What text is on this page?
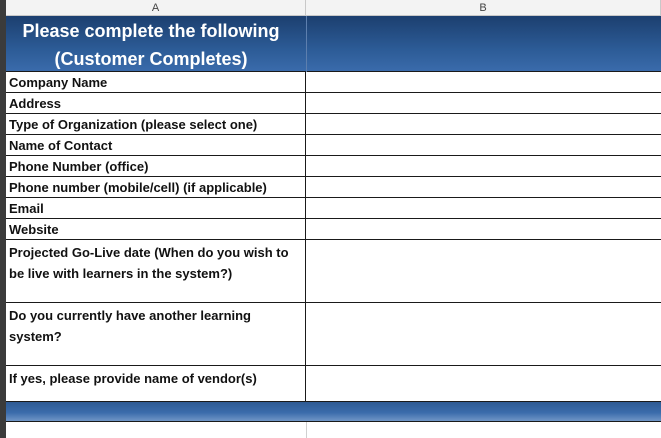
A	B
Please complete the following
(Customer Completes)
Company Name
Address
Type of Organization (please select one)
Name of Contact
Phone Number (office)
Phone number (mobile/cell) (if applicable)
Email
Website
Projected Go-Live date (When do you wish to be live with learners in the system?)
Do you currently have another learning system?
If yes, please provide name of vendor(s)
